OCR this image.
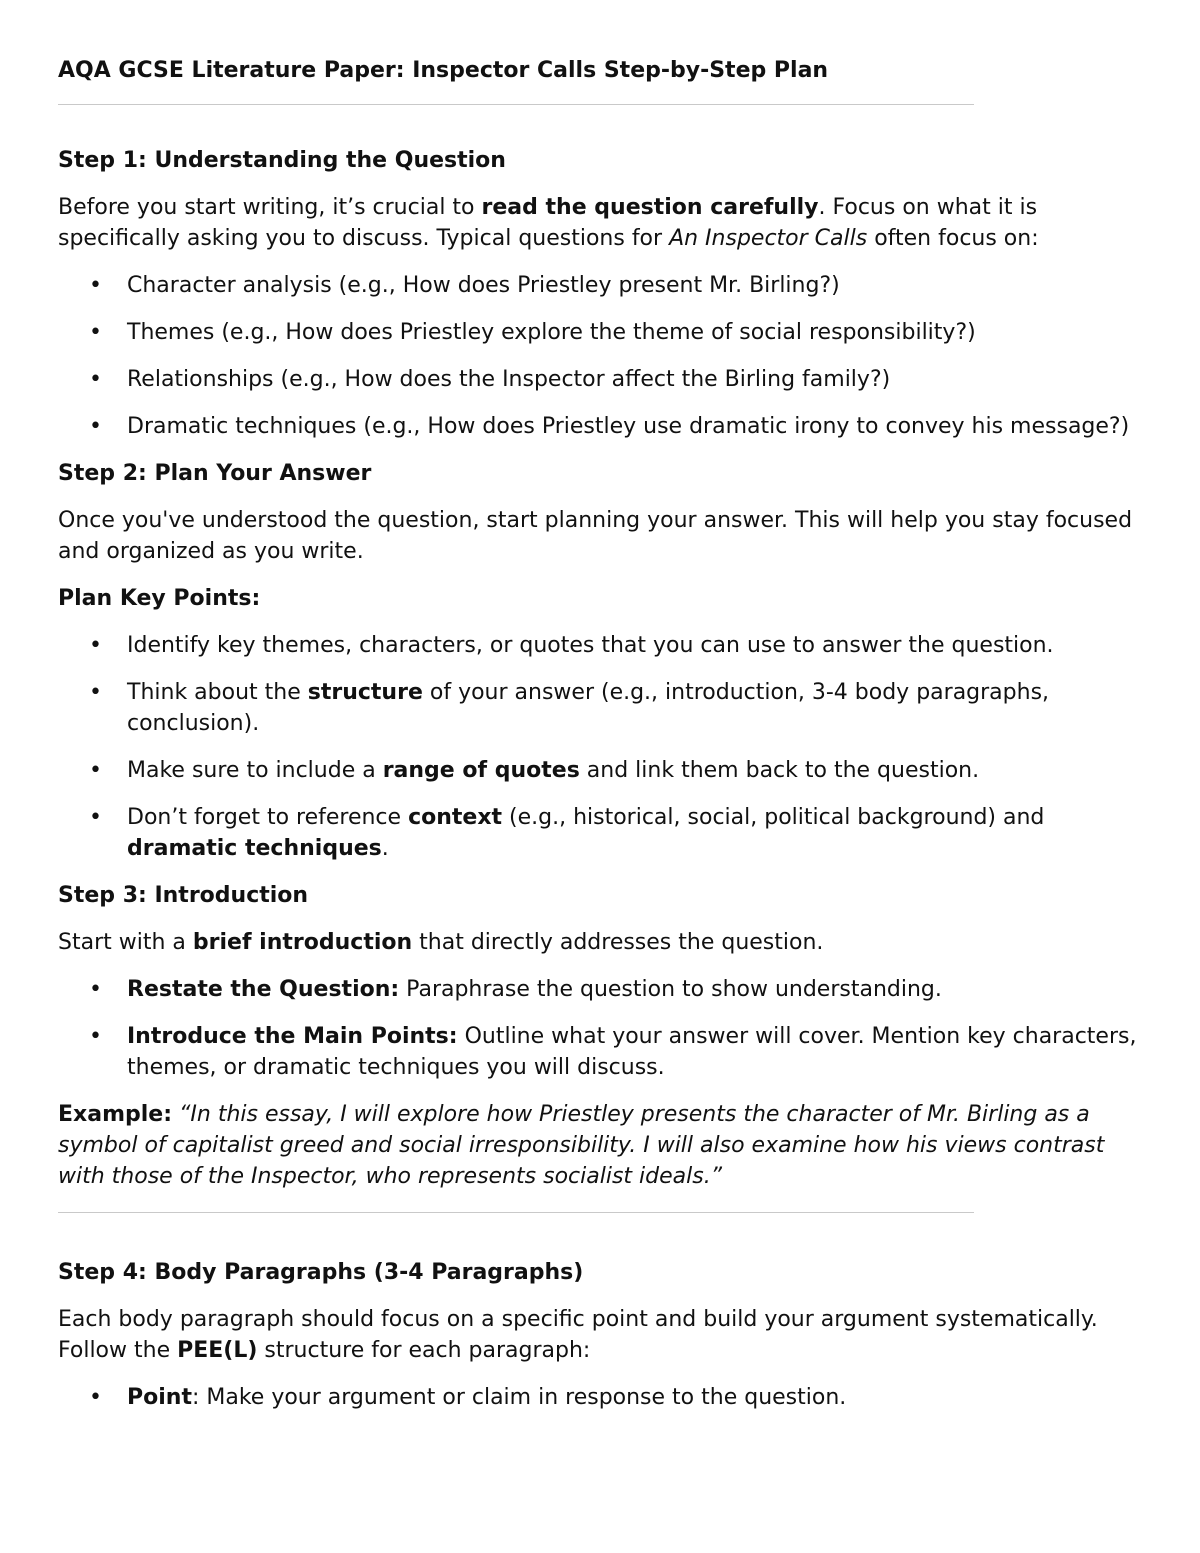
AQA GCSE Literature Paper: Inspector Calls Step-by-Step Plan
Step 1: Understanding the Question

Before you start writing, it’s crucial to read the question carefully. Focus on what it is specifically asking you to discuss. Typical questions for An Inspector Calls often focus on:

• Character analysis (e.g., How does Priestley present Mr. Birling?)
• Themes (e.g., How does Priestley explore the theme of social responsibility?)
• Relationships (e.g., How does the Inspector affect the Birling family?)
• Dramatic techniques (e.g., How does Priestley use dramatic irony to convey his message?)
Step 2: Plan Your Answer

Once you've understood the question, start planning your answer. This will help you stay focused and organized as you write.

Plan Key Points:
• Identify key themes, characters, or quotes that you can use to answer the question.
• Think about the structure of your answer (e.g., introduction, 3-4 body paragraphs, conclusion).
• Make sure to include a range of quotes and link them back to the question.
• Don’t forget to reference context (e.g., historical, social, political background) and dramatic techniques.
Step 3: Introduction

Start with a brief introduction that directly addresses the question.

• Restate the Question: Paraphrase the question to show understanding.
• Introduce the Main Points: Outline what your answer will cover. Mention key characters, themes, or dramatic techniques you will discuss.
Example: “In this essay, I will explore how Priestley presents the character of Mr. Birling as a symbol of capitalist greed and social irresponsibility. I will also examine how his views contrast with those of the Inspector, who represents socialist ideals.”
Step 4: Body Paragraphs (3-4 Paragraphs)

Each body paragraph should focus on a specific point and build your argument systematically. Follow the PEE(L) structure for each paragraph:

• Point: Make your argument or claim in response to the question.
